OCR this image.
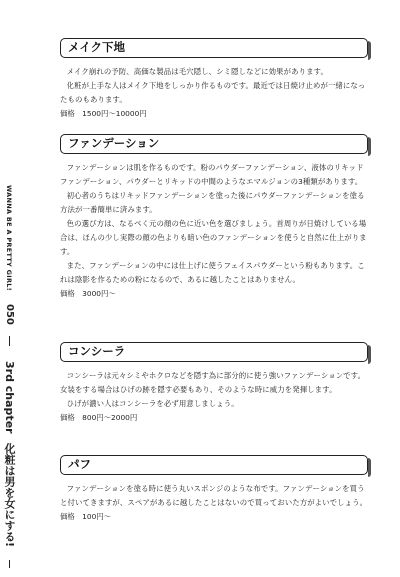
WANNA BE A PRETTY GIRL! 050  3rd chapter 化粧は男を女にする!
メイク下地

メイク崩れの予防、高価な製品は毛穴隠し、シミ隠しなどに効果があります。

化粧が上手な人はメイク下地をしっかり作るものです。最近では日焼け止めが一緒になったものもあります。

価格　1500円〜10000円

ファンデーション

ファンデーションは肌を作るものです。粉のパウダーファンデーション、液体のリキッドファンデーション、パウダーとリキッドの中間のようなエマルジョンの3種類があります。

初心者のうちはリキッドファンデーションを塗った後にパウダーファンデーションを塗る方法が一番簡単に済みます。

色の選び方は、なるべく元の顔の色に近い色を選びましょう。首周りが日焼けしている場合は、ほんの少し実際の顔の色よりも暗い色のファンデーションを使うと自然に仕上がります。

また、ファンデーションの中には仕上げに使うフェイスパウダーという粉もあります。これは陰影を作るための粉になるので、あるに越したことはありません。

価格　3000円〜

コンシーラ

コンシーラは元々シミやホクロなどを隠す為に部分的に使う強いファンデーションです。女装をする場合はひげの跡を隠す必要もあり、そのような時に威力を発揮します。

ひげが濃い人はコンシーラを必ず用意しましょう。

価格　800円〜2000円

パフ

ファンデーションを塗る時に使う丸いスポンジのような布です。ファンデーションを買うと付いてきますが、スペアがあるに越したことはないので買っておいた方がよいでしょう。

価格　100円〜
